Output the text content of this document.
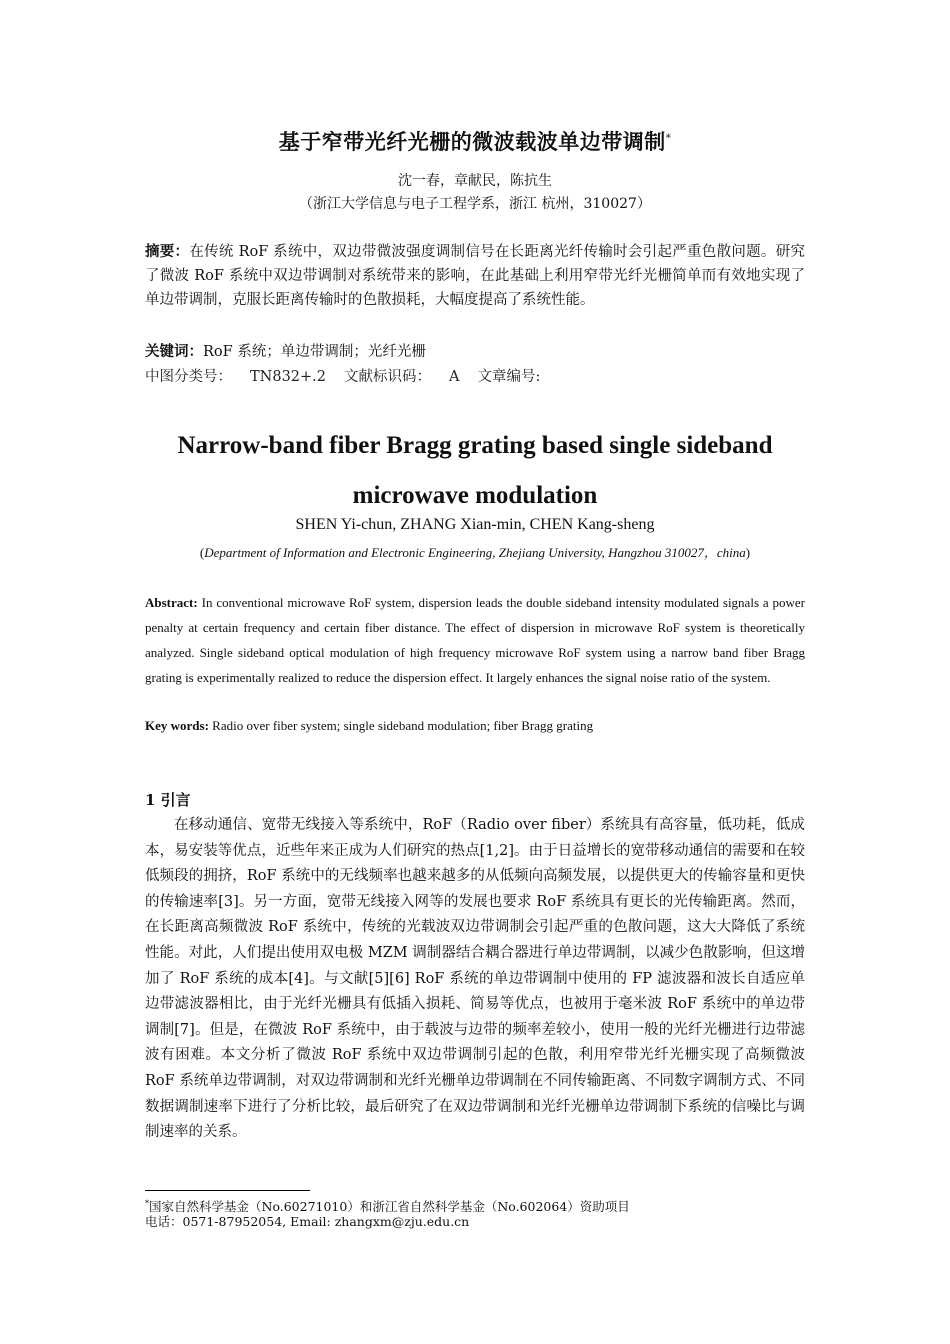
基于窄带光纤光栅的微波载波单边带调制*
沈一春，章献民，陈抗生
（浙江大学信息与电子工程学系，浙江 杭州，310027）
摘要：在传统 RoF 系统中，双边带微波强度调制信号在长距离光纤传输时会引起严重色散问题。研究了微波 RoF 系统中双边带调制对系统带来的影响，在此基础上利用窄带光纤光栅简单而有效地实现了单边带调制，克服长距离传输时的色散损耗，大幅度提高了系统性能。
关键词：RoF 系统；单边带调制；光纤光栅
中图分类号： TN832+.2 文献标识码： A 文章编号:
Narrow-band fiber Bragg grating based single sideband microwave modulation
SHEN Yi-chun, ZHANG Xian-min, CHEN Kang-sheng
(Department of Information and Electronic Engineering, Zhejiang University, Hangzhou 310027，china)
Abstract: In conventional microwave RoF system, dispersion leads the double sideband intensity modulated signals a power penalty at certain frequency and certain fiber distance. The effect of dispersion in microwave RoF system is theoretically analyzed. Single sideband optical modulation of high frequency microwave RoF system using a narrow band fiber Bragg grating is experimentally realized to reduce the dispersion effect. It largely enhances the signal noise ratio of the system.
Key words: Radio over fiber system; single sideband modulation; fiber Bragg grating
1 引言
在移动通信、宽带无线接入等系统中，RoF（Radio over fiber）系统具有高容量，低功耗，低成本，易安装等优点，近些年来正成为人们研究的热点[1,2]。由于日益增长的宽带移动通信的需要和在较低频段的拥挤，RoF 系统中的无线频率也越来越多的从低频向高频发展，以提供更大的传输容量和更快的传输速率[3]。另一方面，宽带无线接入网等的发展也要求 RoF 系统具有更长的光传输距离。然而，在长距离高频微波 RoF 系统中，传统的光载波双边带调制会引起严重的色散问题，这大大降低了系统性能。对此，人们提出使用双电极 MZM 调制器结合耦合器进行单边带调制，以减少色散影响，但这增加了 RoF 系统的成本[4]。与文献[5][6] RoF 系统的单边带调制中使用的 FP 滤波器和波长自适应单边带滤波器相比，由于光纤光栅具有低插入损耗、简易等优点，也被用于毫米波 RoF 系统中的单边带调制[7]。但是，在微波 RoF 系统中，由于载波与边带的频率差较小，使用一般的光纤光栅进行边带滤波有困难。本文分析了微波 RoF 系统中双边带调制引起的色散，利用窄带光纤光栅实现了高频微波 RoF 系统单边带调制，对双边带调制和光纤光栅单边带调制在不同传输距离、不同数字调制方式、不同数据调制速率下进行了分析比较，最后研究了在双边带调制和光纤光栅单边带调制下系统的信噪比与调制速率的关系。
*国家自然科学基金（No.60271010）和浙江省自然科学基金（No.602064）资助项目
电话：0571-87952054, Email: zhangxm@zju.edu.cn
